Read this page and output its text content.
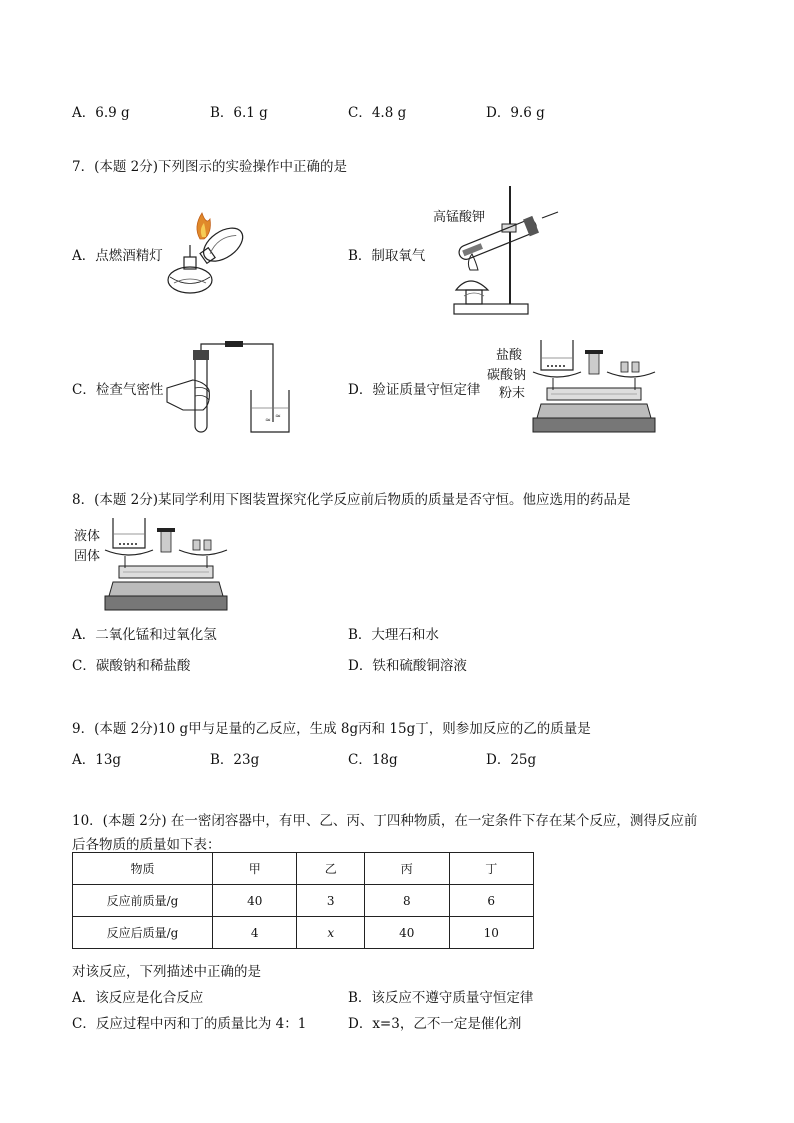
A．6.9 g	B．6.1 g	C．4.8 g	D．9.6 g
7．(本题 2分)下列图示的实验操作中正确的是
A．点燃酒精灯	B．制取氧气
高锰酸钾
C．检查气密性
≈ ≈
D．验证质量守恒定律
盐酸
碳酸钠
粉末
8．(本题 2分)某同学利用下图装置探究化学反应前后物质的质量是否守恒。他应选用的药品是
液体
固体
A．二氧化锰和过氧化氢	B．大理石和水
C．碳酸钠和稀盐酸	D．铁和硫酸铜溶液
9．(本题 2分)10 g甲与足量的乙反应，生成 8g丙和 15g丁，则参加反应的乙的质量是
A．13g	B．23g	C．18g	D．25g
10．(本题 2分) 在一密闭容器中，有甲、乙、丙、丁四种物质，在一定条件下存在某个反应，测得反应前
后各物质的质量如下表：
物质	甲	乙	丙	丁
反应前质量/g	40	3	8	6
反应后质量/g	4	x	40	10
对该反应，下列描述中正确的是
A．该反应是化合反应	B．该反应不遵守质量守恒定律
C．反应过程中丙和丁的质量比为 4：1	D．x=3，乙不一定是催化剂
